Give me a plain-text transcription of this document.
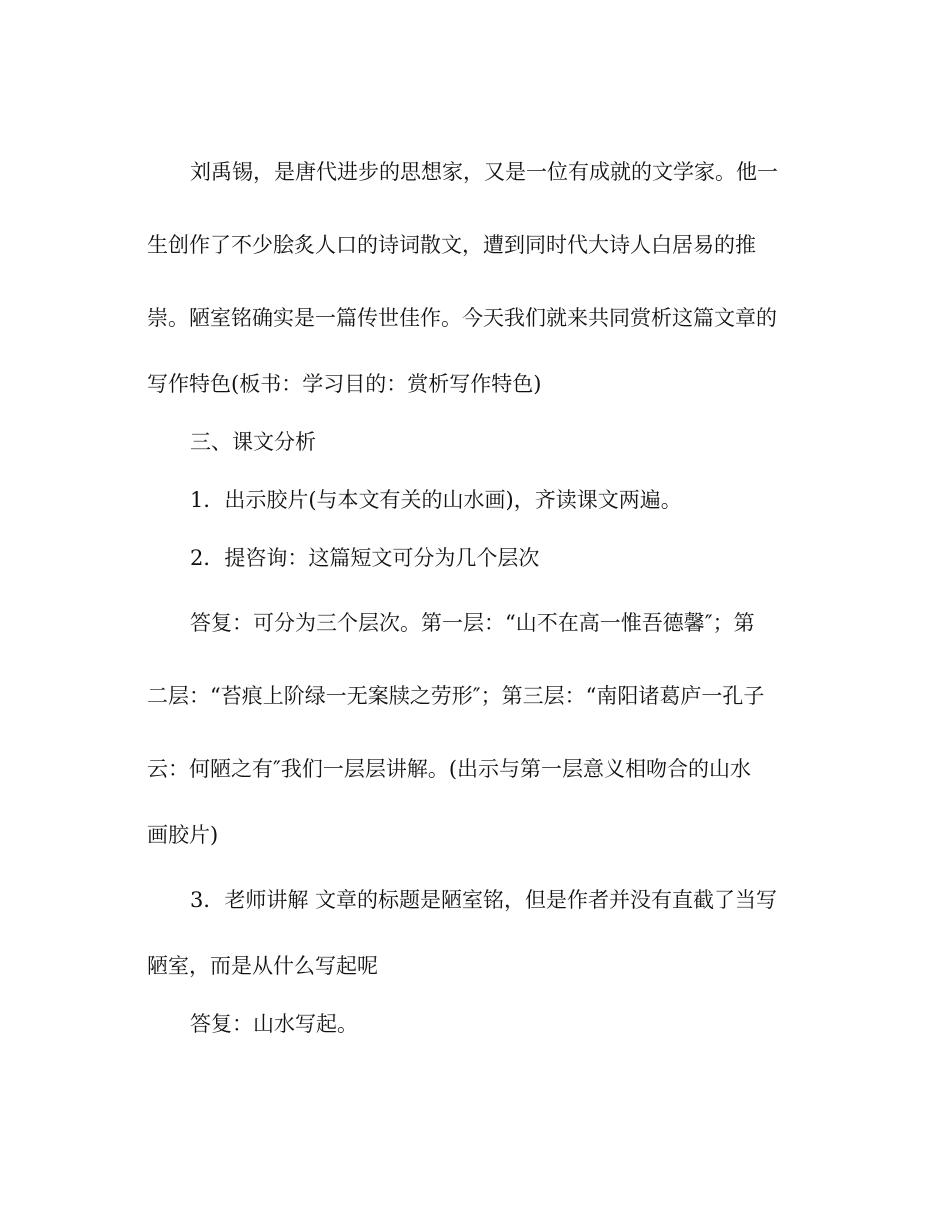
刘禹锡，是唐代进步的思想家，又是一位有成就的文学家。他一

生创作了不少脍炙人口的诗词散文，遭到同时代大诗人白居易的推

崇。陋室铭确实是一篇传世佳作。今天我们就来共同赏析这篇文章的

写作特色(板书：学习目的：赏析写作特色)

三、课文分析

1．出示胶片(与本文有关的山水画)，齐读课文两遍。

2．提咨询：这篇短文可分为几个层次

答复：可分为三个层次。第一层：“山不在高一惟吾德馨″；第

二层：“苔痕上阶绿一无案牍之劳形″；第三层：“南阳诸葛庐一孔子

云：何陋之有″我们一层层讲解。(出示与第一层意义相吻合的山水

画胶片)

3．老师讲解 文章的标题是陋室铭，但是作者并没有直截了当写

陋室，而是从什么写起呢

答复：山水写起。
